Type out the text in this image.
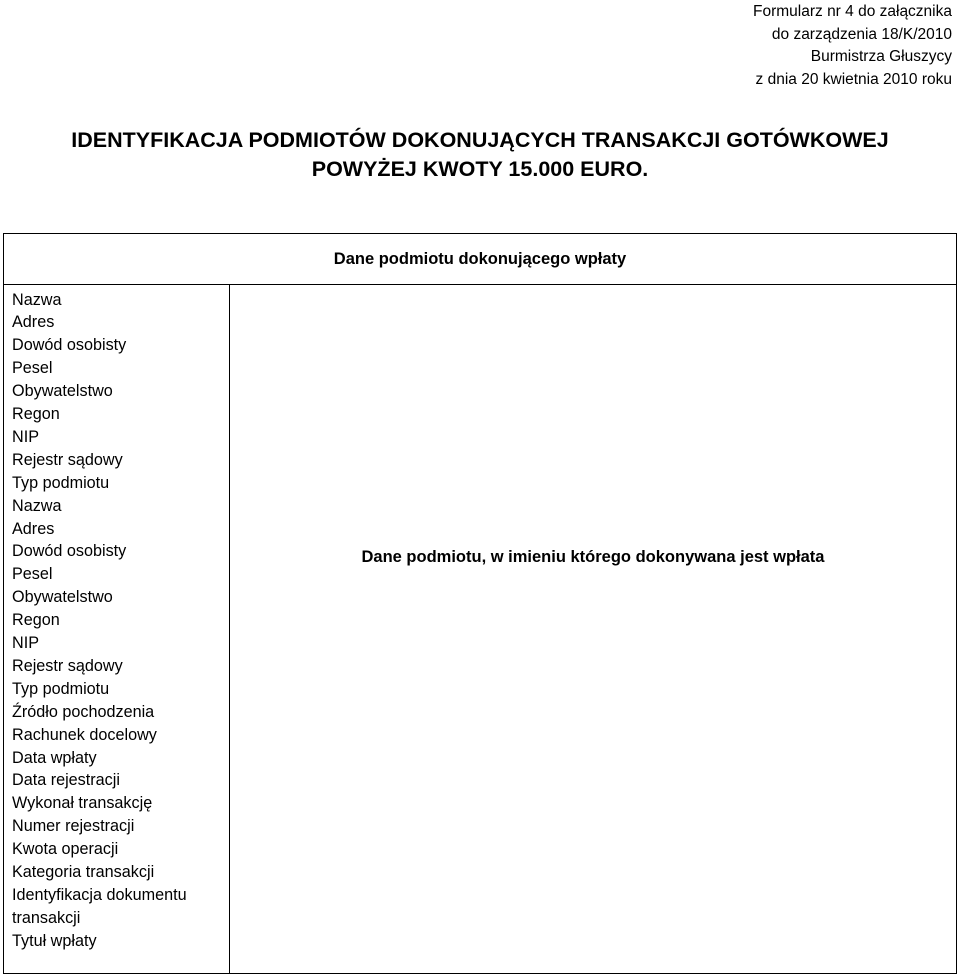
Formularz nr 4 do załącznika
do zarządzenia 18/K/2010
Burmistrza Głuszycy
z dnia 20 kwietnia 2010 roku
IDENTYFIKACJA PODMIOTÓW DOKONUJĄCYCH TRANSAKCJI GOTÓWKOWEJ
POWYŻEJ KWOTY 15.000 EURO.
Dane podmiotu dokonującego wpłaty
Nazwa
Adres
Dowód osobisty
Pesel
Obywatelstwo
Regon
NIP
Rejestr sądowy
Typ podmiotu
Nazwa
Adres
Dowód osobisty
Pesel
Obywatelstwo
Regon
NIP
Rejestr sądowy
Typ podmiotu
Źródło pochodzenia
Rachunek docelowy
Data wpłaty
Data rejestracji
Wykonał transakcję
Numer rejestracji
Kwota operacji
Kategoria transakcji
Identyfikacja dokumentu
transakcji
Tytuł wpłaty
Dane podmiotu, w imieniu którego dokonywana jest wpłata
